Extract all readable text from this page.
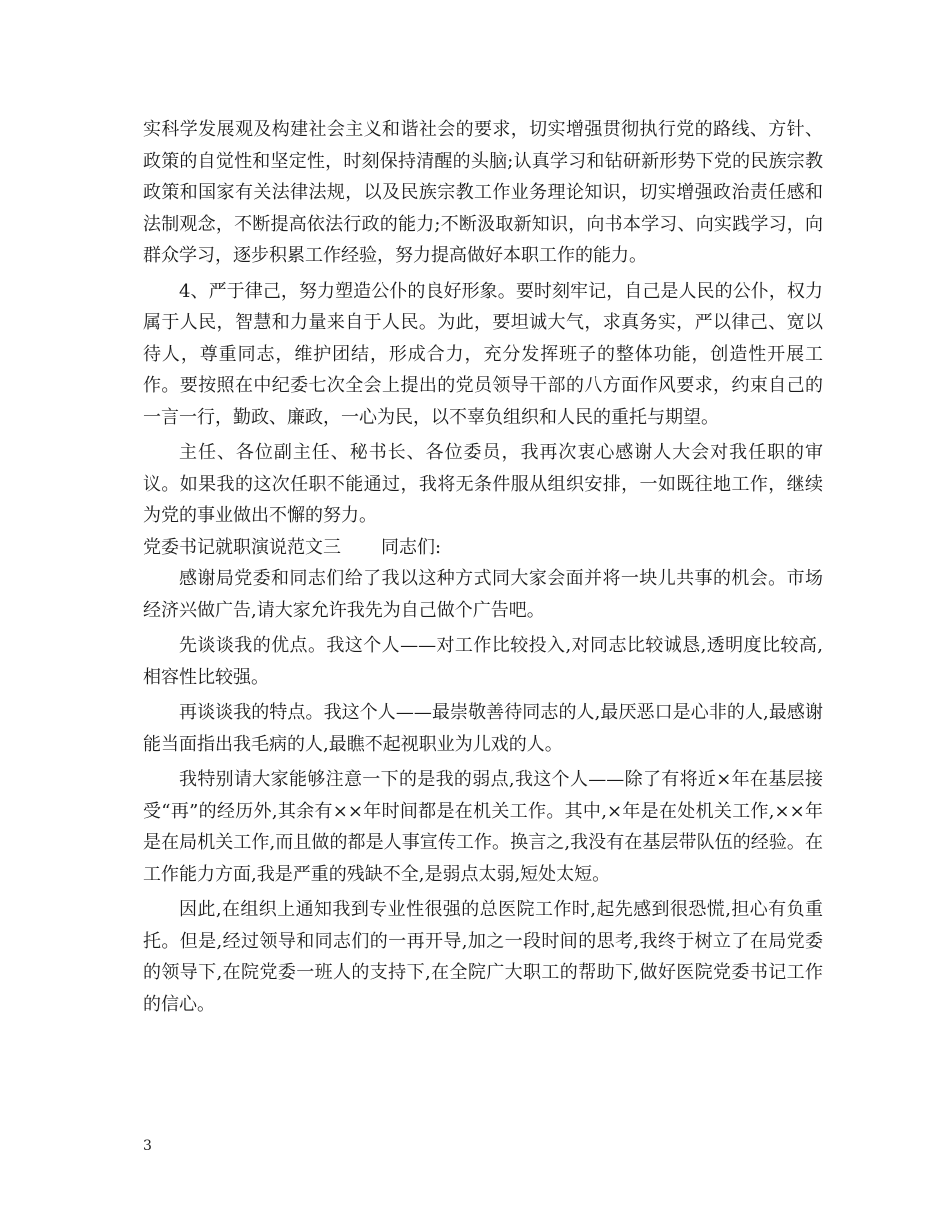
实科学发展观及构建社会主义和谐社会的要求，切实增强贯彻执行党的路线、方针、政策的自觉性和坚定性，时刻保持清醒的头脑;认真学习和钻研新形势下党的民族宗教政策和国家有关法律法规，以及民族宗教工作业务理论知识，切实增强政治责任感和法制观念，不断提高依法行政的能力;不断汲取新知识，向书本学习、向实践学习，向群众学习，逐步积累工作经验，努力提高做好本职工作的能力。

4、严于律己，努力塑造公仆的良好形象。要时刻牢记，自己是人民的公仆，权力属于人民，智慧和力量来自于人民。为此，要坦诚大气，求真务实，严以律己、宽以待人，尊重同志，维护团结，形成合力，充分发挥班子的整体功能，创造性开展工作。要按照在中纪委七次全会上提出的党员领导干部的八方面作风要求，约束自己的一言一行，勤政、廉政，一心为民，以不辜负组织和人民的重托与期望。

主任、各位副主任、秘书长、各位委员，我再次衷心感谢人大会对我任职的审议。如果我的这次任职不能通过，我将无条件服从组织安排，一如既往地工作，继续为党的事业做出不懈的努力。

党委书记就职演说范文三 同志们:

感谢局党委和同志们给了我以这种方式同大家会面并将一块儿共事的机会。市场经济兴做广告,请大家允许我先为自己做个广告吧。

先谈谈我的优点。我这个人——对工作比较投入,对同志比较诚恳,透明度比较高,相容性比较强。

再谈谈我的特点。我这个人——最崇敬善待同志的人,最厌恶口是心非的人,最感谢能当面指出我毛病的人,最瞧不起视职业为儿戏的人。

我特别请大家能够注意一下的是我的弱点,我这个人——除了有将近×年在基层接受“再”的经历外,其余有××年时间都是在机关工作。其中,×年是在处机关工作,××年是在局机关工作,而且做的都是人事宣传工作。换言之,我没有在基层带队伍的经验。在工作能力方面,我是严重的残缺不全,是弱点太弱,短处太短。

因此,在组织上通知我到专业性很强的总医院工作时,起先感到很恐慌,担心有负重托。但是,经过领导和同志们的一再开导,加之一段时间的思考,我终于树立了在局党委的领导下,在院党委一班人的支持下,在全院广大职工的帮助下,做好医院党委书记工作的信心。

3
